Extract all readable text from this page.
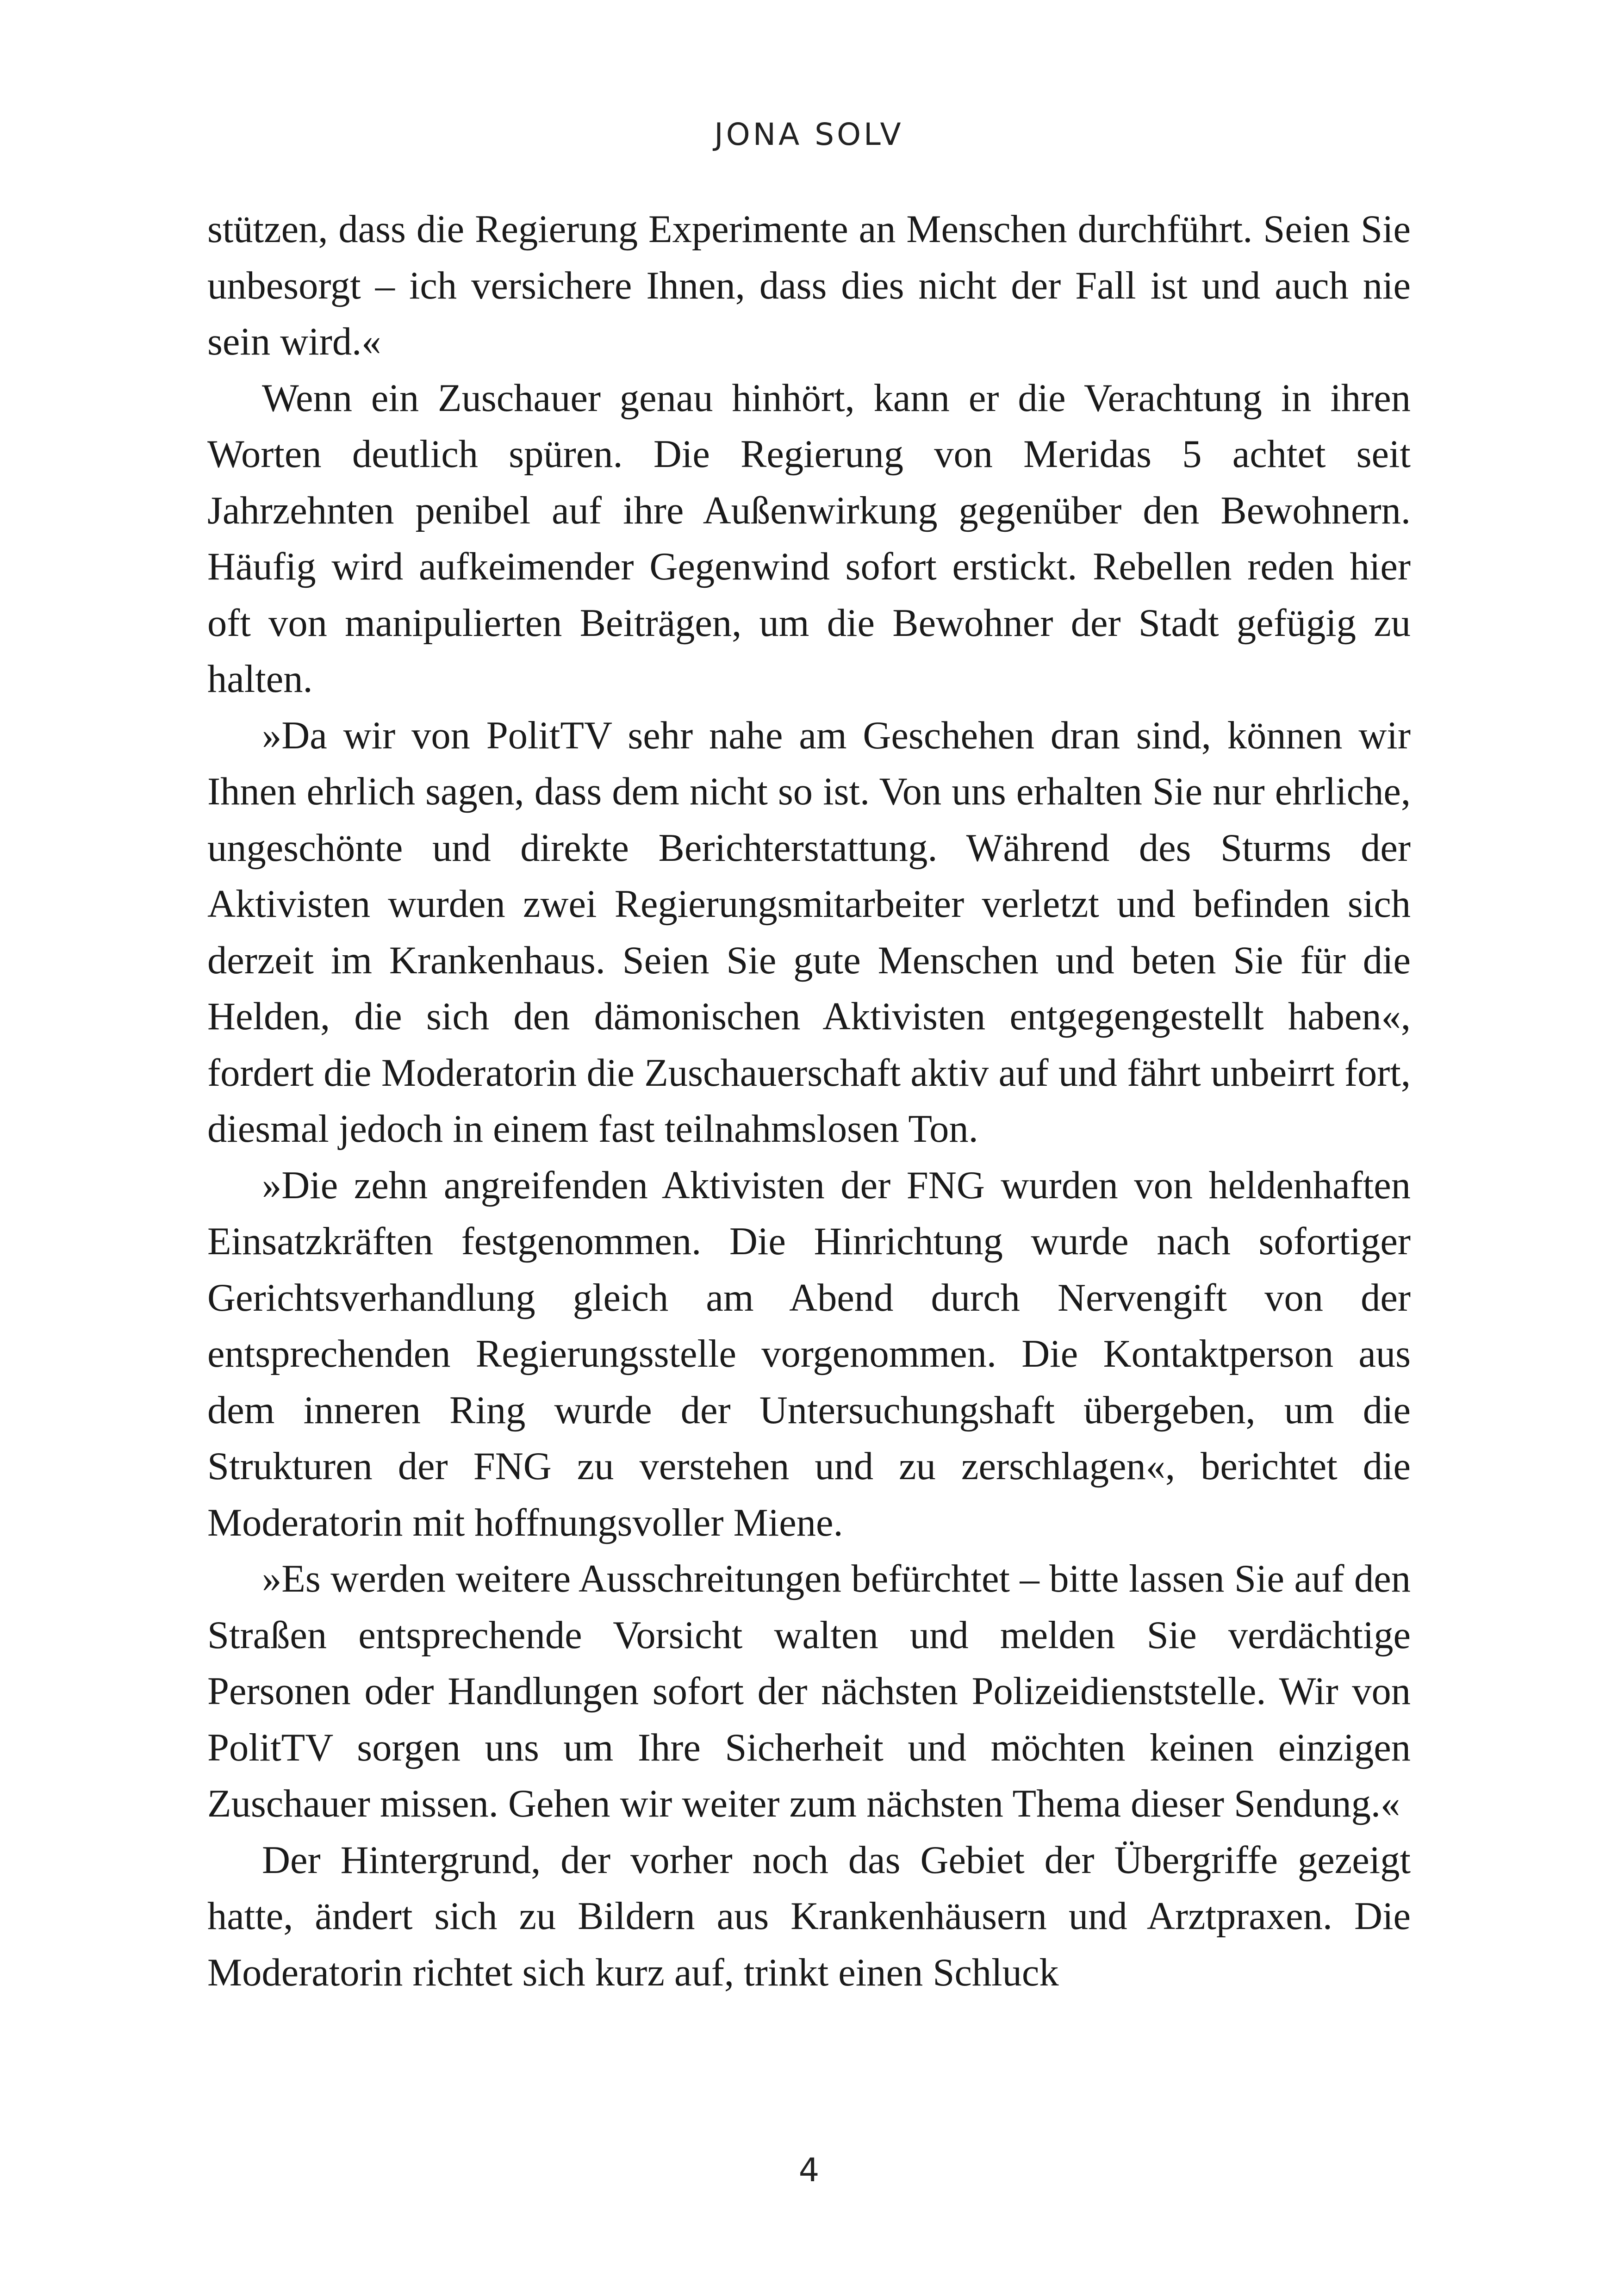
JONA SOLV

stützen, dass die Regierung Experimente an Menschen durchführt. Seien Sie unbesorgt – ich versichere Ihnen, dass dies nicht der Fall ist und auch nie sein wird.«

Wenn ein Zuschauer genau hinhört, kann er die Verachtung in ihren Worten deutlich spüren. Die Regierung von Meridas 5 achtet seit Jahrzehnten penibel auf ihre Außenwirkung gegenüber den Bewohnern. Häufig wird aufkeimender Gegenwind sofort erstickt. Rebellen reden hier oft von manipulierten Beiträgen, um die Bewohner der Stadt gefügig zu halten.

»Da wir von PolitTV sehr nahe am Geschehen dran sind, können wir Ihnen ehrlich sagen, dass dem nicht so ist. Von uns erhalten Sie nur ehrliche, ungeschönte und direkte Berichterstattung. Während des Sturms der Aktivisten wurden zwei Regierungsmitarbeiter verletzt und befinden sich derzeit im Krankenhaus. Seien Sie gute Menschen und beten Sie für die Helden, die sich den dämonischen Aktivisten entgegengestellt haben«, fordert die Moderatorin die Zuschauerschaft aktiv auf und fährt unbeirrt fort, diesmal jedoch in einem fast teilnahmslosen Ton.

»Die zehn angreifenden Aktivisten der FNG wurden von heldenhaften Einsatzkräften festgenommen. Die Hinrichtung wurde nach sofortiger Gerichtsverhandlung gleich am Abend durch Nervengift von der entsprechenden Regierungsstelle vorgenommen. Die Kontaktperson aus dem inneren Ring wurde der Untersuchungshaft übergeben, um die Strukturen der FNG zu verstehen und zu zerschlagen«, berichtet die Moderatorin mit hoffnungsvoller Miene.

»Es werden weitere Ausschreitungen befürchtet – bitte lassen Sie auf den Straßen entsprechende Vorsicht walten und melden Sie verdächtige Personen oder Handlungen sofort der nächsten Polizeidienststelle. Wir von PolitTV sorgen uns um Ihre Sicherheit und möchten keinen einzigen Zuschauer missen. Gehen wir weiter zum nächsten Thema dieser Sendung.«

Der Hintergrund, der vorher noch das Gebiet der Übergriffe gezeigt hatte, ändert sich zu Bildern aus Krankenhäusern und Arztpraxen. Die Moderatorin richtet sich kurz auf, trinkt einen Schluck

4
